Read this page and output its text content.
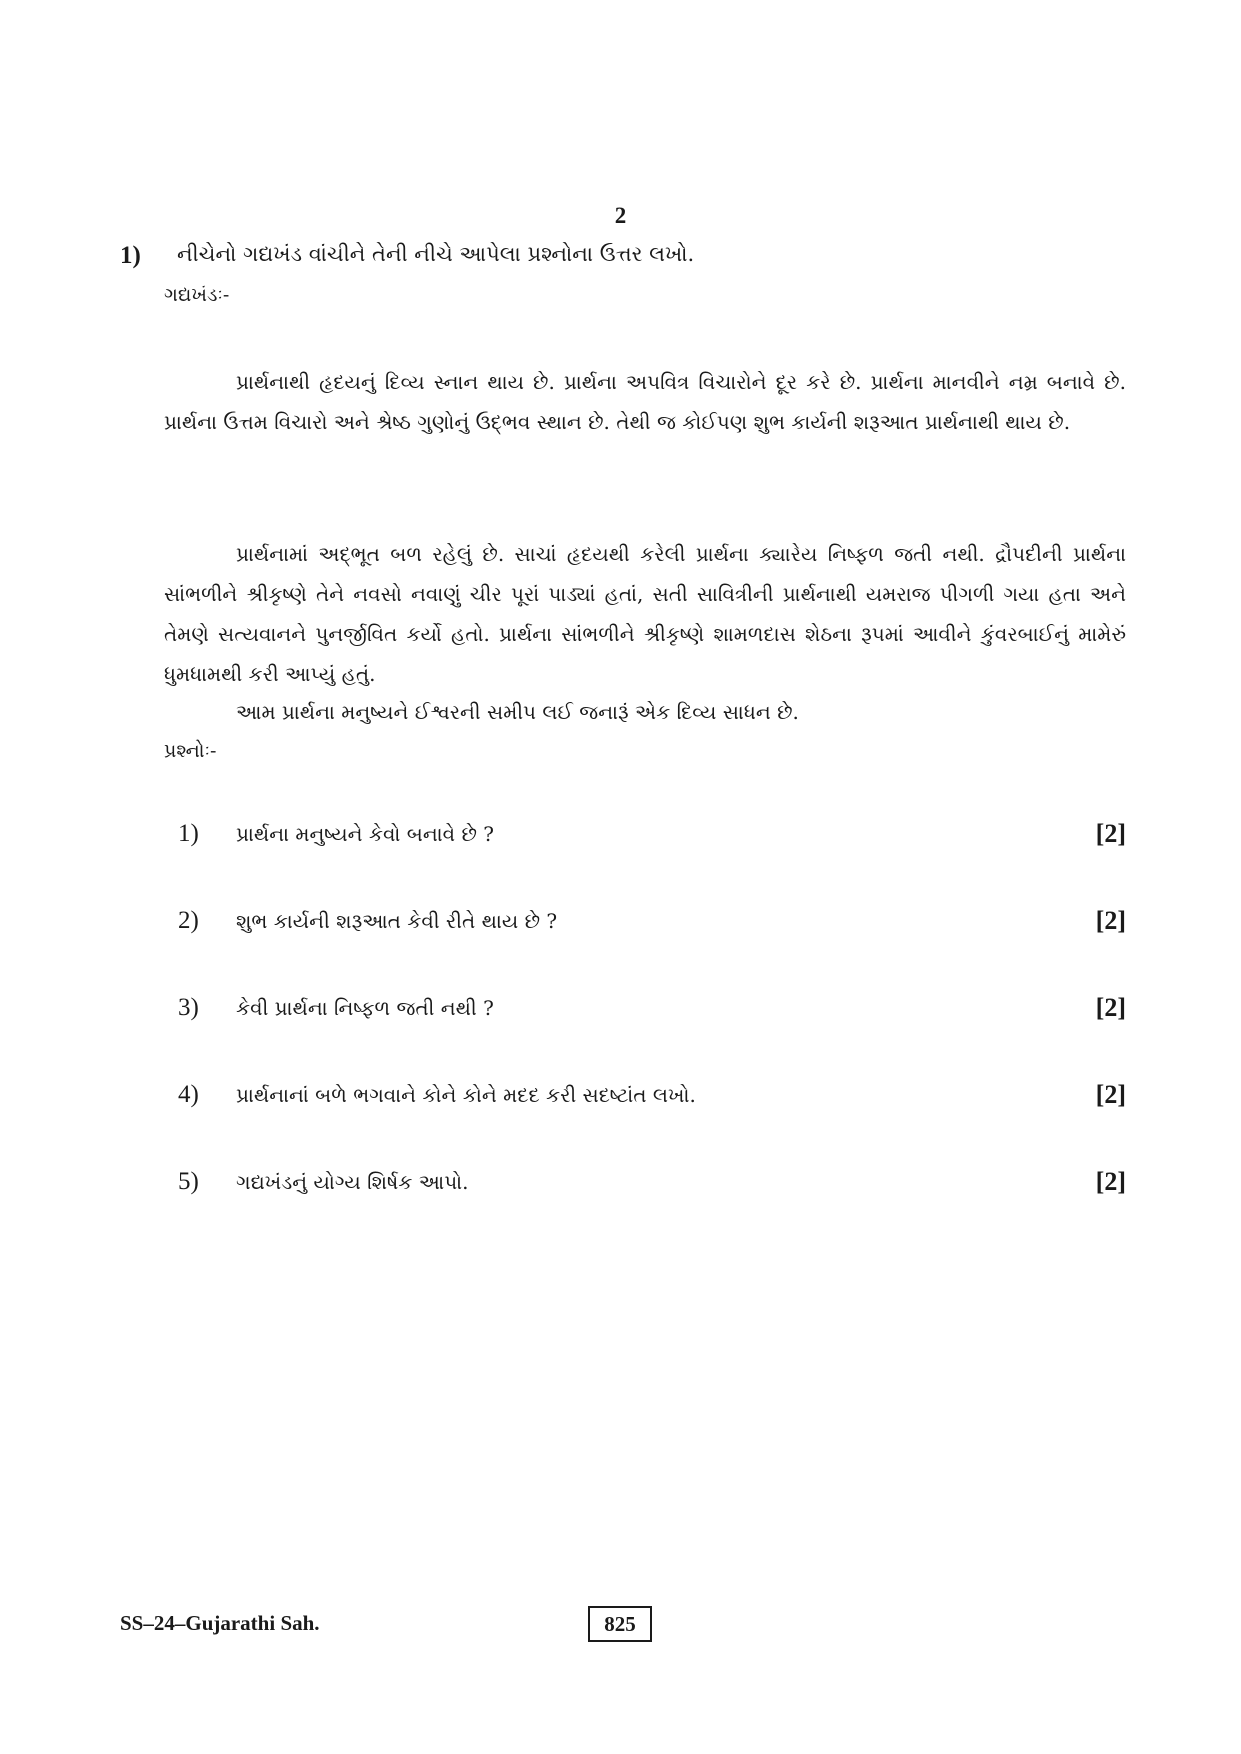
2
1) નીચેનો ગદ્યખંડ વાંચીને તેની નીચે આપેલા પ્રશ્નોના ઉત્તર લખો.
ગદ્યખંડઃ-

પ્રાર્થનાથી હૃદયનું દિવ્ય સ્નાન થાય છે. પ્રાર્થના અપવિત્ર વિચારોને દૂર કરે છે. પ્રાર્થના માનવીને નમ્ર બનાવે છે. પ્રાર્થના ઉત્તમ વિચારો અને શ્રેષ્ઠ ગુણોનું ઉદ્ભવ સ્થાન છે. તેથી જ કોઈપણ શુભ કાર્યની શરૂઆત પ્રાર્થનાથી થાય છે.

પ્રાર્થનામાં અદ્ભૂત બળ રહેલું છે. સાચાં હૃદયથી કરેલી પ્રાર્થના ક્યારેય નિષ્ફળ જતી નથી. દ્રૌપદીની પ્રાર્થના સાંભળીને શ્રીકૃષ્ણે તેને નવસો નવાણું ચીર પૂરાં પાડ્યાં હતાં, સતી સાવિત્રીની પ્રાર્થનાથી યમરાજ પીગળી ગયા હતા અને તેમણે સત્યવાનને પુનર્જીવિત કર્યો હતો. પ્રાર્થના સાંભળીને શ્રીકૃષ્ણે શામળદાસ શેઠના રૂપમાં આવીને કુંવરબાઈનું મામેરું ધુમધામથી કરી આપ્યું હતું.

આમ પ્રાર્થના મનુષ્યને ઈશ્વરની સમીપ લઈ જનારૂં એક દિવ્ય સાધન છે.

પ્રશ્નોઃ-
1) પ્રાર્થના મનુષ્યને કેવો બનાવે છે ?	[2]
2) શુભ કાર્યની શરૂઆત કેવી રીતે થાય છે ?	[2]
3) કેવી પ્રાર્થના નિષ્ફળ જતી નથી ?	[2]
4) પ્રાર્થનાનાં બળે ભગવાને કોને કોને મદદ કરી સદષ્ટાંત લખો.	[2]
5) ગદ્યખંડનું યોગ્ય શિર્ષક આપો.	[2]
SS–24–Gujarathi Sah.	825
